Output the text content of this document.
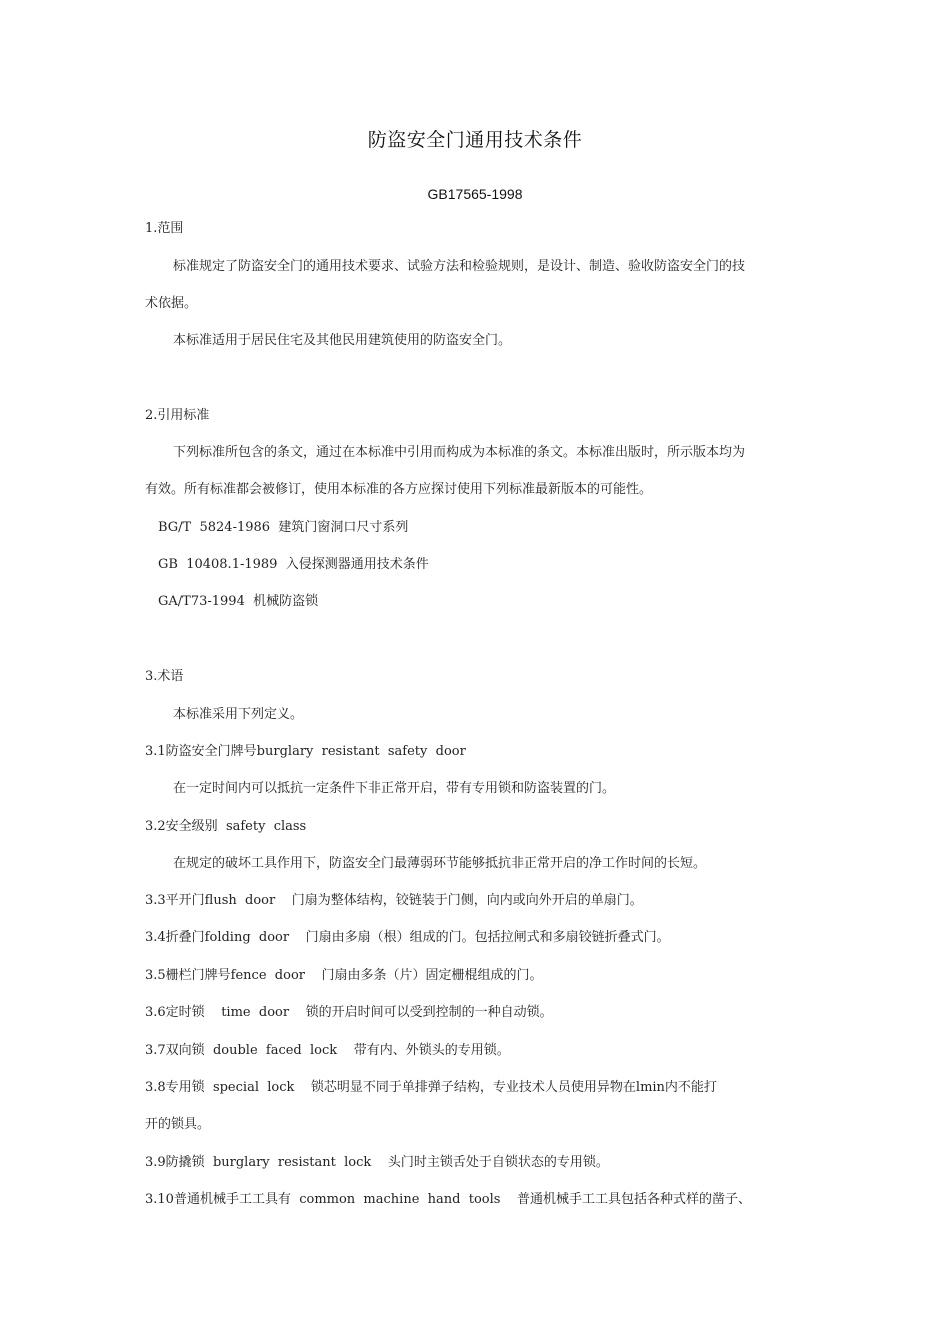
防盗安全门通用技术条件
GB17565-1998
1.范围
标准规定了防盗安全门的通用技术要求、试验方法和检验规则，是设计、制造、验收防盗安全门的技
术依据。
本标准适用于居民住宅及其他民用建筑使用的防盗安全门。
2.引用标准
下列标准所包含的条文，通过在本标准中引用而构成为本标准的条文。本标准出版时，所示版本均为
有效。所有标准都会被修订，使用本标准的各方应探讨使用下列标准最新版本的可能性。
BG/T  5824-1986  建筑门窗洞口尺寸系列
GB  10408.1-1989  入侵探测器通用技术条件
GA/T73-1994  机械防盗锁
3.术语
本标准采用下列定义。
3.1防盗安全门牌号burglary  resistant  safety  door
在一定时间内可以抵抗一定条件下非正常开启，带有专用锁和防盗装置的门。
3.2安全级别  safety  class
在规定的破坏工具作用下，防盗安全门最薄弱环节能够抵抗非正常开启的净工作时间的长短。
3.3平开门flush  door    门扇为整体结构，铰链装于门侧，向内或向外开启的单扇门。
3.4折叠门folding  door    门扇由多扇（根）组成的门。包括拉闸式和多扇铰链折叠式门。
3.5栅栏门牌号fence  door    门扇由多条（片）固定栅棍组成的门。
3.6定时锁    time  door    锁的开启时间可以受到控制的一种自动锁。
3.7双向锁  double  faced  lock    带有内、外锁头的专用锁。
3.8专用锁  special  lock    锁芯明显不同于单排弹子结构，专业技术人员使用异物在lmin内不能打
开的锁具。
3.9防撬锁  burglary  resistant  lock    头门时主锁舌处于自锁状态的专用锁。
3.10普通机械手工工具有  common  machine  hand  tools    普通机械手工工具包括各种式样的凿子、
